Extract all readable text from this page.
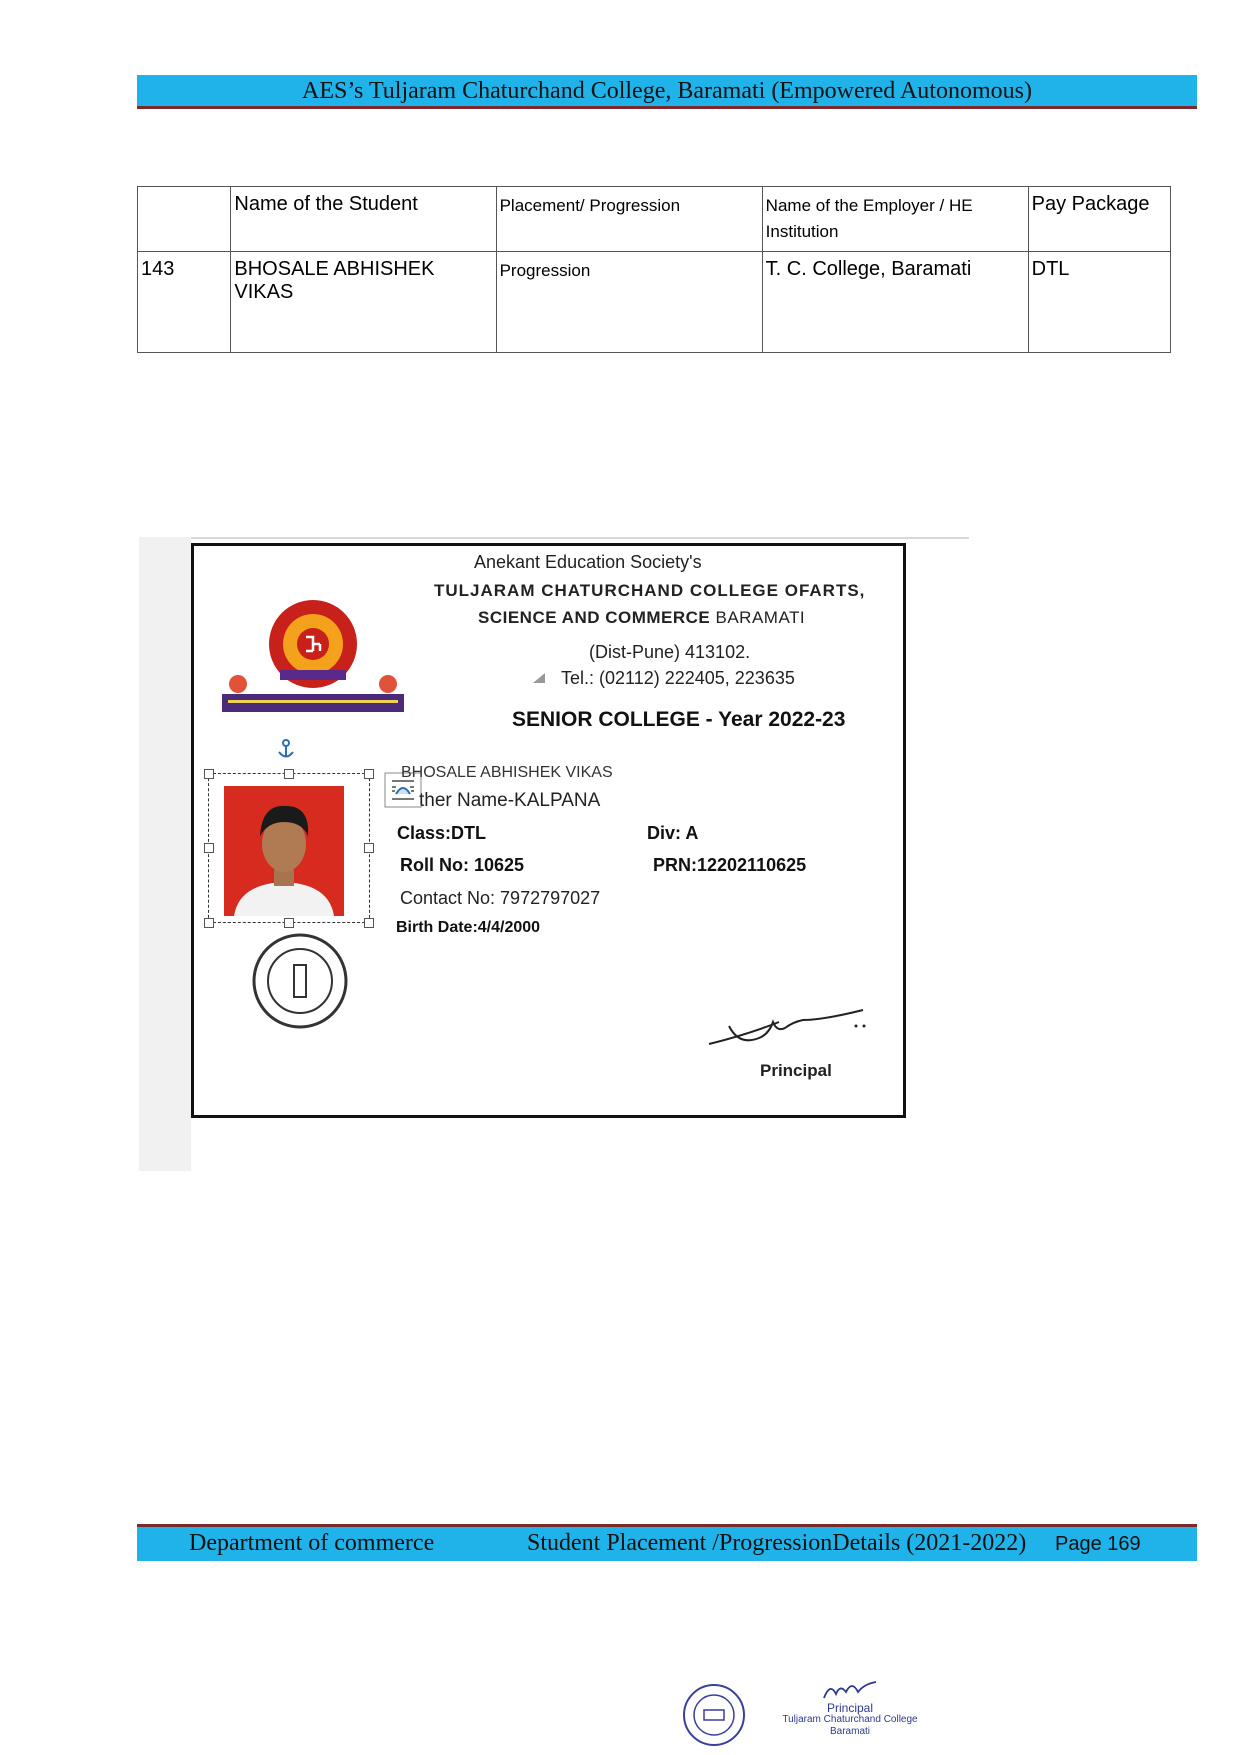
AES’s Tuljaram Chaturchand College, Baramati (Empowered Autonomous)
	Name of the Student	Placement/ Progression	Name of the Employer / HE Institution	Pay Package
143	BHOSALE ABHISHEK VIKAS	Progression	T. C. College, Baramati	DTL
Anekant Education Society's
TULJARAM CHATURCHAND COLLEGE OFARTS,
SCIENCE AND COMMERCE BARAMATI
(Dist-Pune) 413102.
Tel.: (02112) 222405, 223635
SENIOR COLLEGE - Year 2022-23
BHOSALE ABHISHEK VIKAS
ther Name-KALPANA
Class:DTL	Div: A
Roll No: 10625	PRN:12202110625
Contact No: 7972797027
Birth Date:4/4/2000
Principal
Department of commerce	Student Placement /ProgressionDetails (2021-2022) Page 169
Principal
Tuljaram Chaturchand College
Baramati
